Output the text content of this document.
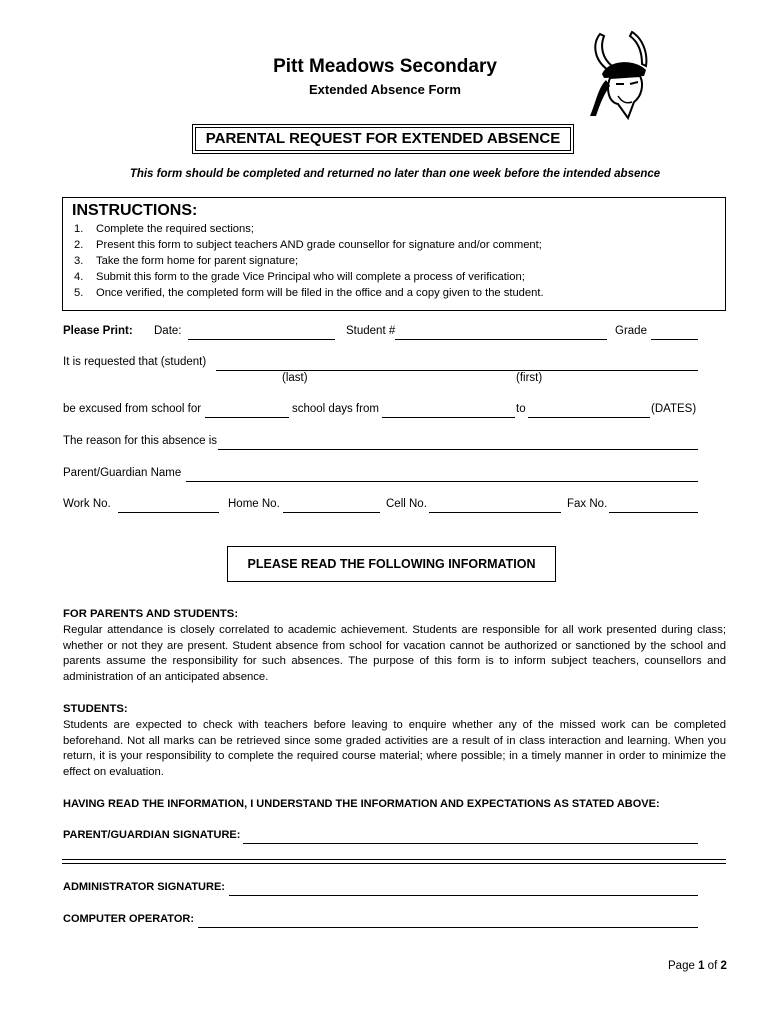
Pitt Meadows Secondary
Extended Absence Form
PARENTAL REQUEST FOR EXTENDED ABSENCE
This form should be completed and returned no later than one week before the intended absence
INSTRUCTIONS:
1. Complete the required sections;
2. Present this form to subject teachers AND grade counsellor for signature and/or comment;
3. Take the form home for parent signature;
4. Submit this form to the grade Vice Principal who will complete a process of verification;
5. Once verified, the completed form will be filed in the office and a copy given to the student.
Please Print: Date:	Student #	Grade
It is requested that (student)
(last)	(first)
be excused from school for	school days from	to	(DATES)
The reason for this absence is
Parent/Guardian Name
Work No.	Home No.	Cell No.	Fax No.
PLEASE READ THE FOLLOWING INFORMATION
FOR PARENTS AND STUDENTS:
Regular attendance is closely correlated to academic achievement. Students are responsible for all work presented during class; whether or not they are present. Student absence from school for vacation cannot be authorized or sanctioned by the school and parents assume the responsibility for such absences. The purpose of this form is to inform subject teachers, counsellors and administration of an anticipated absence.
STUDENTS:
Students are expected to check with teachers before leaving to enquire whether any of the missed work can be completed beforehand. Not all marks can be retrieved since some graded activities are a result of in class interaction and learning. When you return, it is your responsibility to complete the required course material; where possible; in a timely manner in order to minimize the effect on evaluation.
HAVING READ THE INFORMATION, I UNDERSTAND THE INFORMATION AND EXPECTATIONS AS STATED ABOVE:
PARENT/GUARDIAN SIGNATURE:
ADMINISTRATOR SIGNATURE:
COMPUTER OPERATOR:
Page 1 of 2
